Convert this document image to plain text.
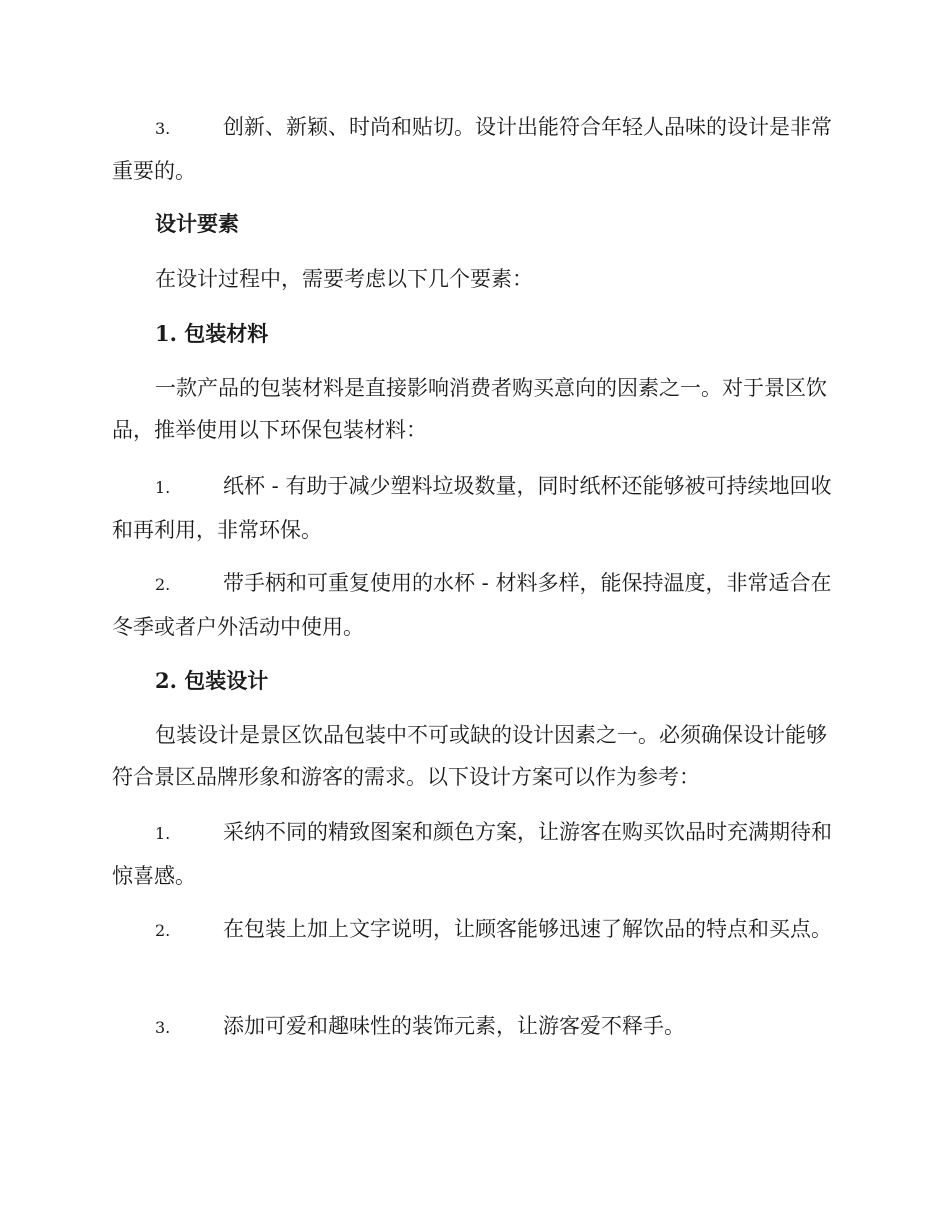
3.	创新、新颖、时尚和贴切。设计出能符合年轻人品味的设计是非常重要的。

设计要素

在设计过程中，需要考虑以下几个要素：

1. 包装材料

一款产品的包装材料是直接影响消费者购买意向的因素之一。对于景区饮品，推举使用以下环保包装材料：

1.	纸杯 - 有助于减少塑料垃圾数量，同时纸杯还能够被可持续地回收和再利用，非常环保。

2.	带手柄和可重复使用的水杯 - 材料多样，能保持温度，非常适合在冬季或者户外活动中使用。

2. 包装设计

包装设计是景区饮品包装中不可或缺的设计因素之一。必须确保设计能够符合景区品牌形象和游客的需求。以下设计方案可以作为参考：

1.	采纳不同的精致图案和颜色方案，让游客在购买饮品时充满期待和惊喜感。

2.	在包装上加上文字说明，让顾客能够迅速了解饮品的特点和买点。

3.	添加可爱和趣味性的装饰元素，让游客爱不释手。
